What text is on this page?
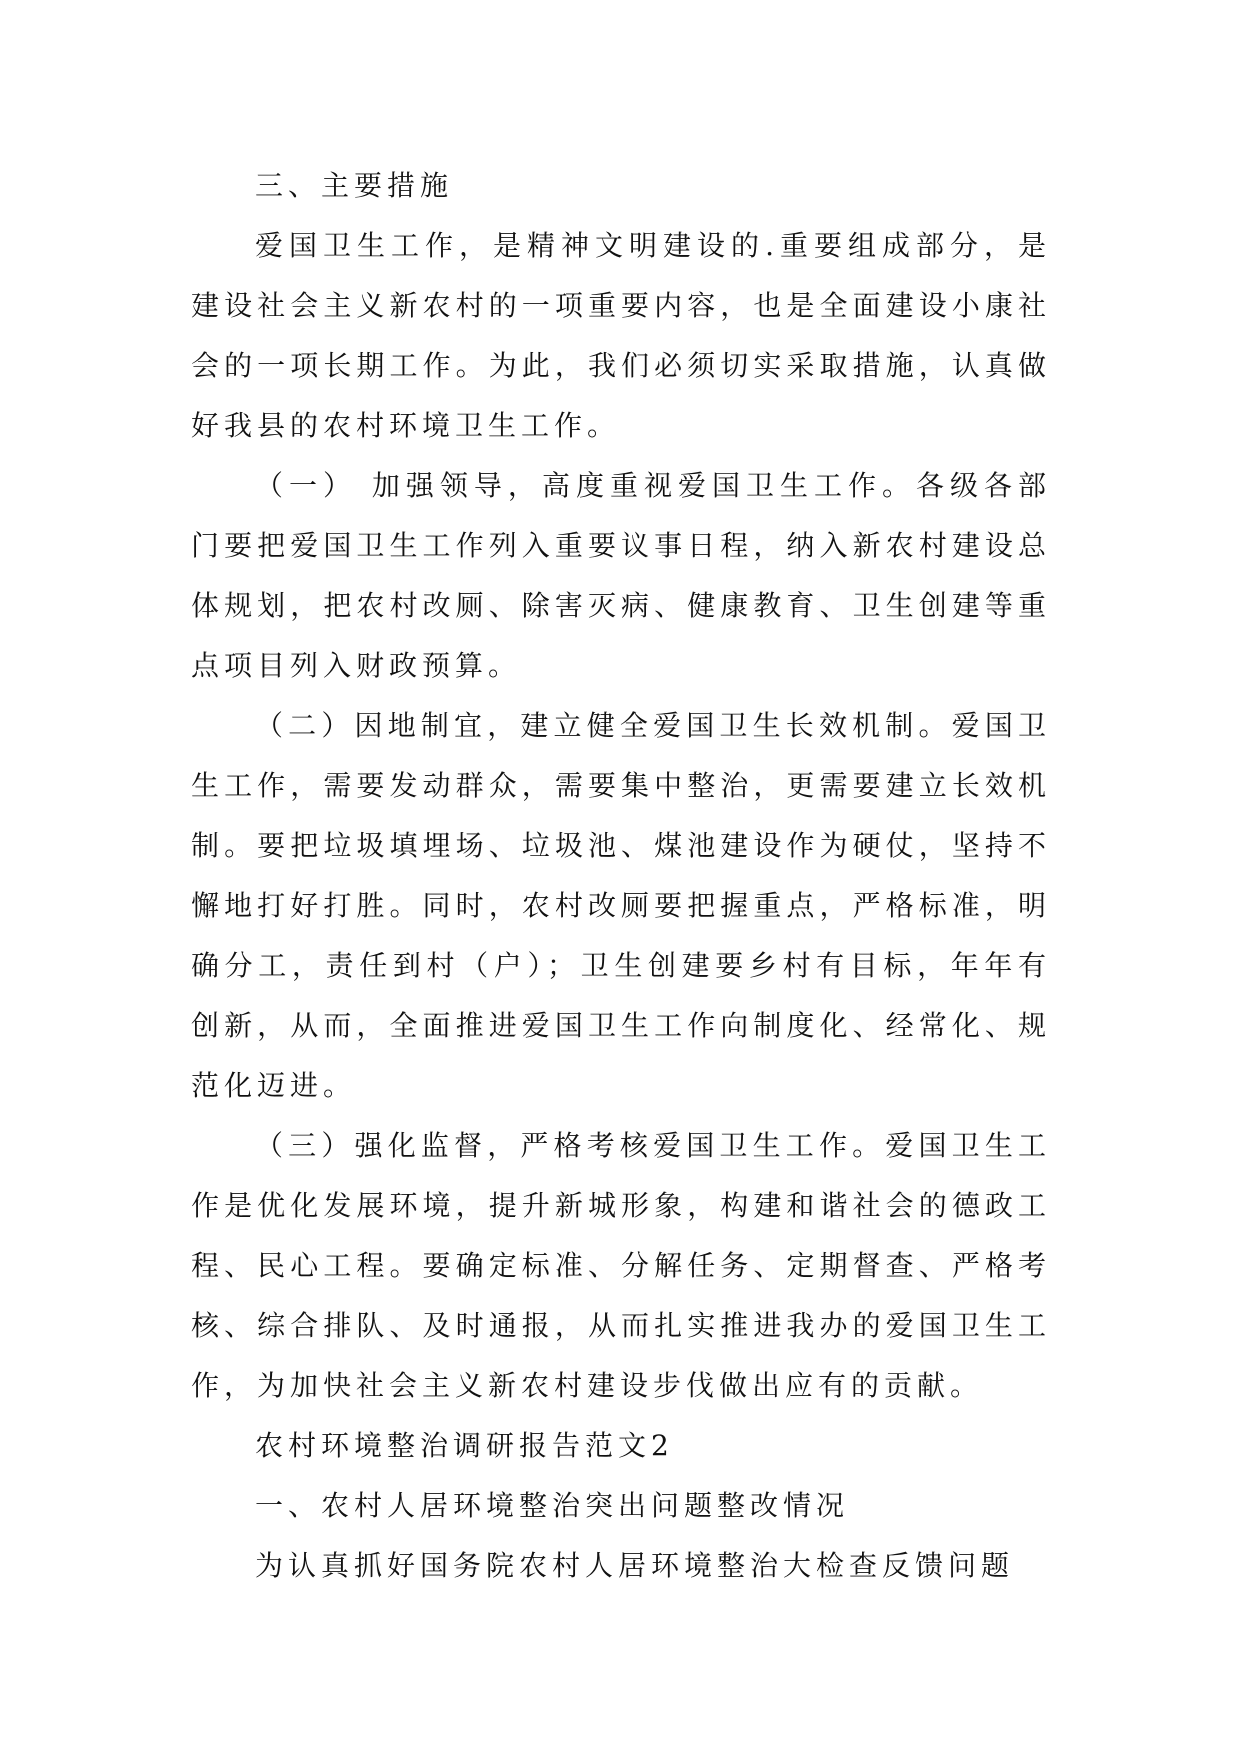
三、主要措施

爱国卫生工作，是精神文明建设的.重要组成部分，是建设社会主义新农村的一项重要内容，也是全面建设小康社会的一项长期工作。为此，我们必须切实采取措施，认真做好我县的农村环境卫生工作。

（一） 加强领导，高度重视爱国卫生工作。各级各部门要把爱国卫生工作列入重要议事日程，纳入新农村建设总体规划，把农村改厕、除害灭病、健康教育、卫生创建等重点项目列入财政预算。

（二）因地制宜，建立健全爱国卫生长效机制。爱国卫生工作，需要发动群众，需要集中整治，更需要建立长效机制。要把垃圾填埋场、垃圾池、煤池建设作为硬仗，坚持不懈地打好打胜。同时，农村改厕要把握重点，严格标准，明确分工，责任到村（户）；卫生创建要乡村有目标，年年有创新，从而，全面推进爱国卫生工作向制度化、经常化、规范化迈进。

（三）强化监督，严格考核爱国卫生工作。爱国卫生工作是优化发展环境，提升新城形象，构建和谐社会的德政工程、民心工程。要确定标准、分解任务、定期督查、严格考核、综合排队、及时通报，从而扎实推进我办的爱国卫生工作，为加快社会主义新农村建设步伐做出应有的贡献。

农村环境整治调研报告范文2

一、农村人居环境整治突出问题整改情况

为认真抓好国务院农村人居环境整治大检查反馈问题
